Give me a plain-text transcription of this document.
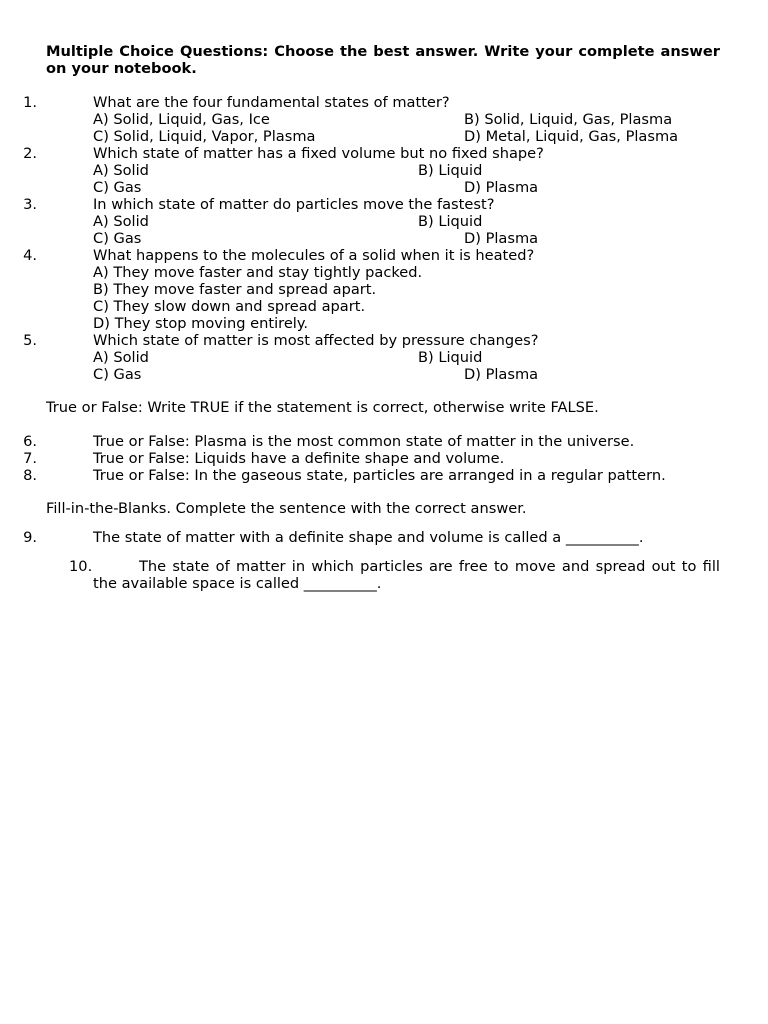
Multiple Choice Questions: Choose the best answer. Write your complete answer on your notebook.

1.	What are the four fundamental states of matter?
A) Solid, Liquid, Gas, Ice	B) Solid, Liquid, Gas, Plasma
C) Solid, Liquid, Vapor, Plasma	D) Metal, Liquid, Gas, Plasma
2.	Which state of matter has a fixed volume but no fixed shape?
A) Solid	B) Liquid
C) Gas	D) Plasma
3.	In which state of matter do particles move the fastest?
A) Solid	B) Liquid
C) Gas	D) Plasma
4.	What happens to the molecules of a solid when it is heated?
A) They move faster and stay tightly packed.
B) They move faster and spread apart.
C) They slow down and spread apart.
D) They stop moving entirely.
5.	Which state of matter is most affected by pressure changes?
A) Solid	B) Liquid
C) Gas	D) Plasma

True or False: Write TRUE if the statement is correct, otherwise write FALSE.

6.	True or False: Plasma is the most common state of matter in the universe.
7.	True or False: Liquids have a definite shape and volume.
8.	True or False: In the gaseous state, particles are arranged in a regular pattern.

Fill-in-the-Blanks. Complete the sentence with the correct answer.

9.	The state of matter with a definite shape and volume is called a __________.
10.	The state of matter in which particles are free to move and spread out to fill the available space is called __________.
